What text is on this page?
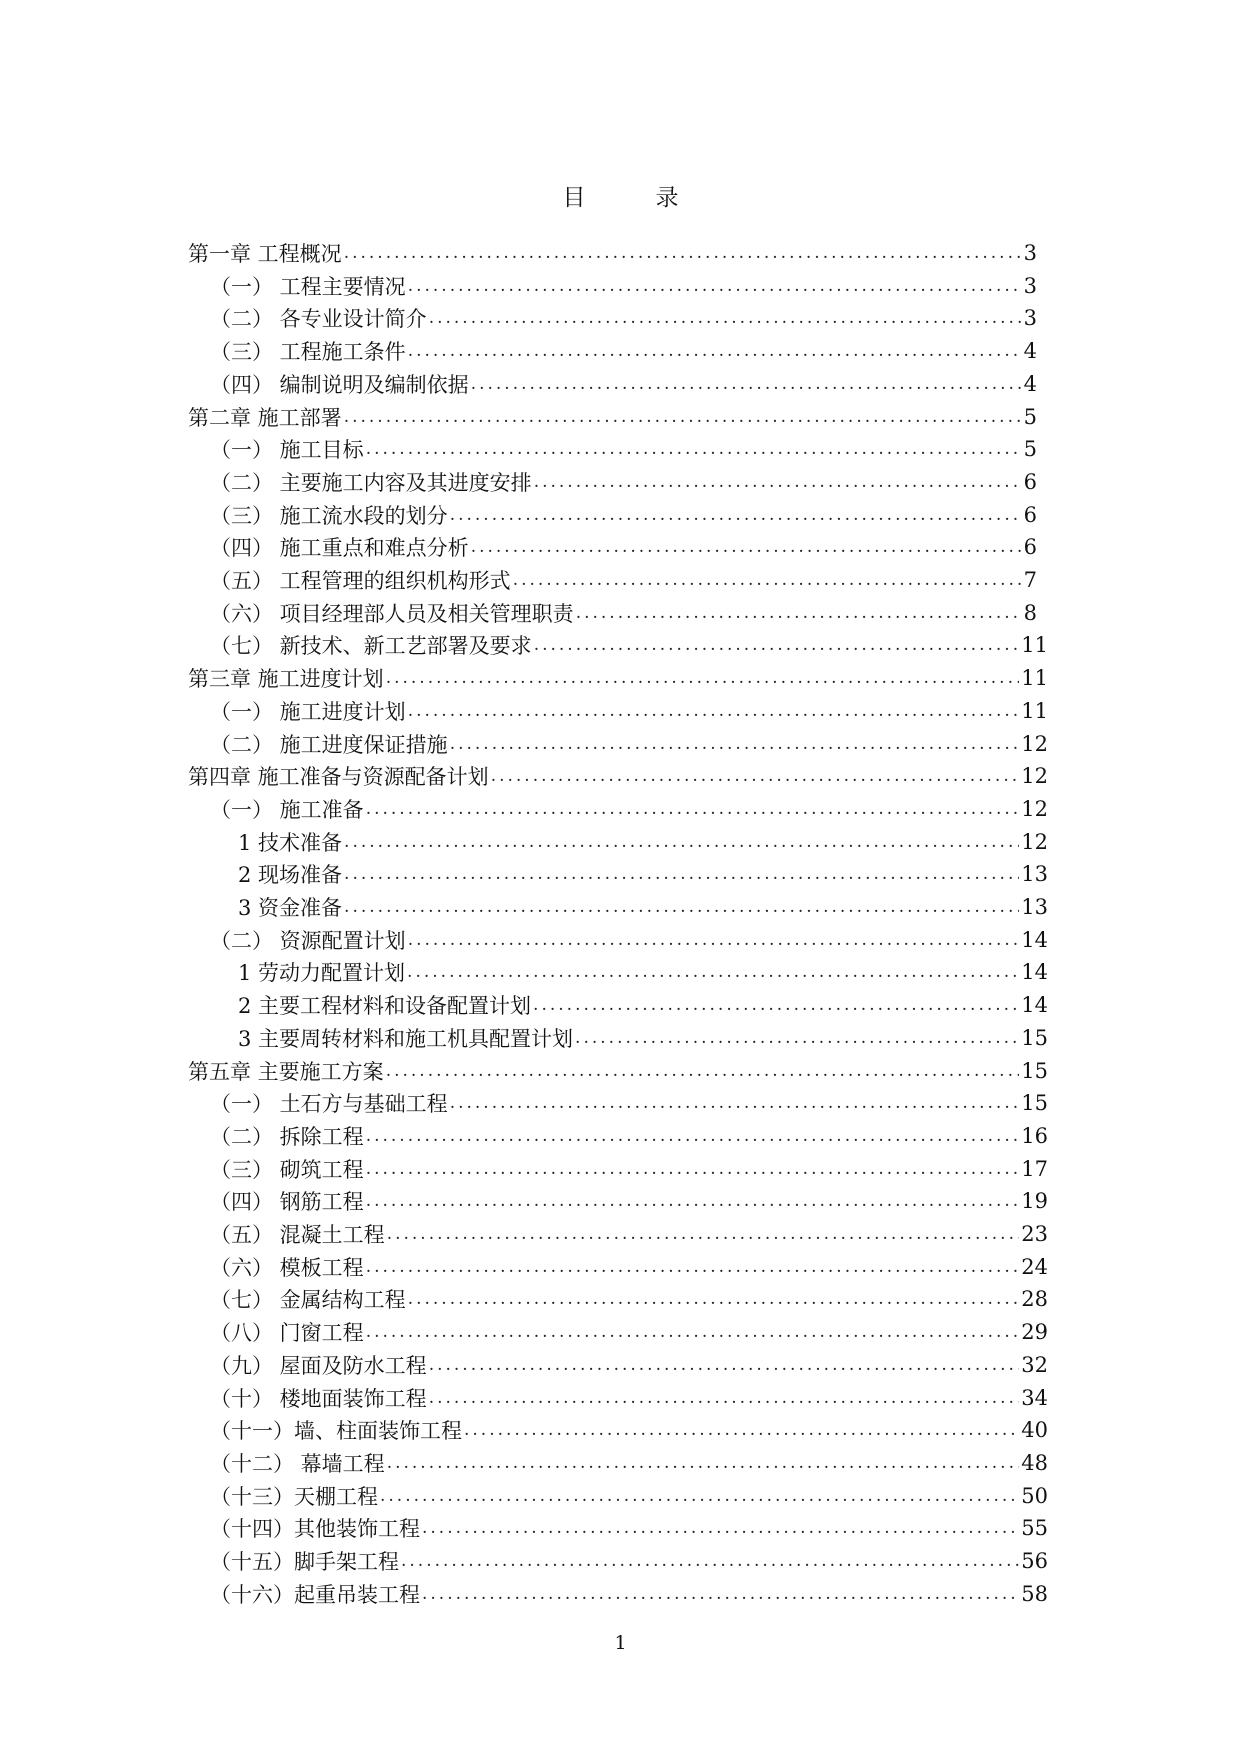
目	录
第一章 工程概况 .....	3
（一） 工程主要情况 .....	3
（二） 各专业设计简介 .....	3
（三） 工程施工条件 .....	4
（四） 编制说明及编制依据 .....	4
第二章 施工部署 .....	5
（一） 施工目标 .....	5
（二） 主要施工内容及其进度安排 .....	6
（三） 施工流水段的划分 .....	6
（四） 施工重点和难点分析 .....	6
（五） 工程管理的组织机构形式 .....	7
（六） 项目经理部人员及相关管理职责 .....	8
（七） 新技术、新工艺部署及要求 .....	11
第三章 施工进度计划 .....	11
（一） 施工进度计划 .....	11
（二） 施工进度保证措施 .....	12
第四章 施工准备与资源配备计划 .....	12
（一） 施工准备 .....	12
1 技术准备 .....	12
2 现场准备 .....	13
3 资金准备 .....	13
（二） 资源配置计划 .....	14
1 劳动力配置计划 .....	14
2 主要工程材料和设备配置计划 .....	14
3 主要周转材料和施工机具配置计划 .....	15
第五章 主要施工方案 .....	15
（一） 土石方与基础工程 .....	15
（二） 拆除工程 .....	16
（三） 砌筑工程 .....	17
（四） 钢筋工程 .....	19
（五） 混凝土工程 .....	23
（六） 模板工程 .....	24
（七） 金属结构工程 .....	28
（八） 门窗工程 .....	29
（九） 屋面及防水工程 .....	32
（十） 楼地面装饰工程 .....	34
（十一）墙、柱面装饰工程 .....	40
（十二） 幕墙工程 .....	48
（十三）天棚工程 .....	50
（十四）其他装饰工程 .....	55
（十五）脚手架工程 .....	56
（十六）起重吊装工程 .....	58
1
